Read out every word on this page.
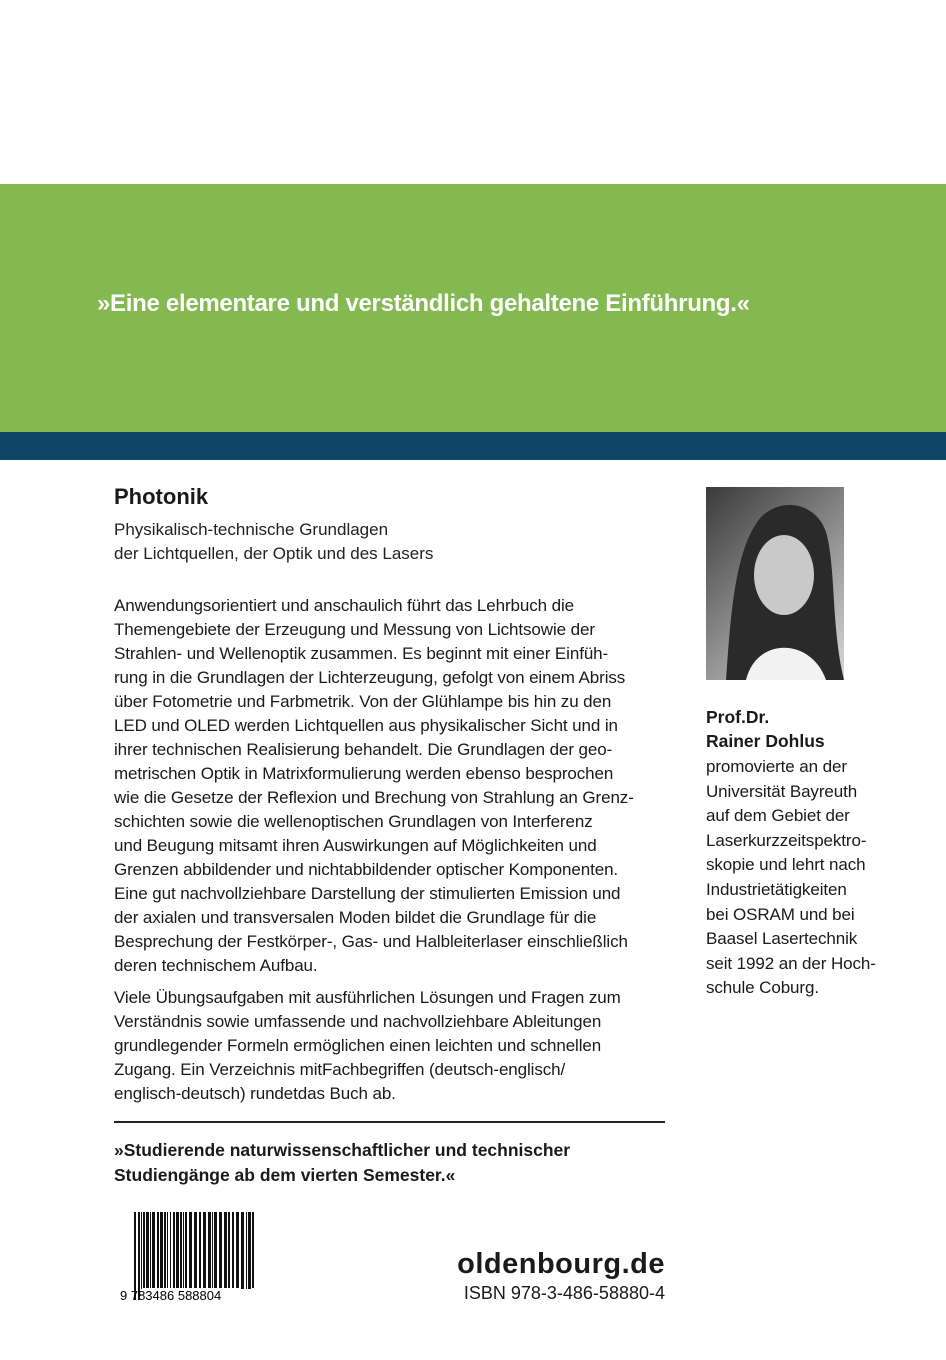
»Eine elementare und verständlich gehaltene Einführung.«
Photonik
Physikalisch-technische Grundlagen
der Lichtquellen, der Optik und des Lasers
Anwendungsorientiert und anschaulich führt das Lehrbuch die
Themengebiete der Erzeugung und Messung von Lichtsowie der
Strahlen- und Wellenoptik zusammen. Es beginnt mit einer Einfüh-
rung in die Grundlagen der Lichterzeugung, gefolgt von einem Abriss
über Fotometrie und Farbmetrik. Von der Glühlampe bis hin zu den
LED und OLED werden Lichtquellen aus physikalischer Sicht und in
ihrer technischen Realisierung behandelt. Die Grundlagen der geo-
metrischen Optik in Matrixformulierung werden ebenso besprochen
wie die Gesetze der Reflexion und Brechung von Strahlung an Grenz-
schichten sowie die wellenoptischen Grundlagen von Interferenz
und Beugung mitsamt ihren Auswirkungen auf Möglichkeiten und
Grenzen abbildender und nichtabbildender optischer Komponenten.
Eine gut nachvollziehbare Darstellung der stimulierten Emission und
der axialen und transversalen Moden bildet die Grundlage für die
Besprechung der Festkörper-, Gas- und Halbleiterlaser einschließlich
deren technischem Aufbau.
Viele Übungsaufgaben mit ausführlichen Lösungen und Fragen zum
Verständnis sowie umfassende und nachvollziehbare Ableitungen
grundlegender Formeln ermöglichen einen leichten und schnellen
Zugang. Ein Verzeichnis mitFachbegriffen (deutsch-englisch/
englisch-deutsch) rundetdas Buch ab.
»Studierende naturwissenschaftlicher und technischer
Studiengänge ab dem vierten Semester.«
Prof.Dr.
Rainer Dohlus
promovierte an der
Universität Bayreuth
auf dem Gebiet der
Laserkurzzeitspektro-
skopie und lehrt nach
Industrietätigkeiten
bei OSRAM und bei
Baasel Lasertechnik
seit 1992 an der Hoch-
schule Coburg.
9 783486 588804
oldenbourg.de
ISBN 978-3-486-58880-4
